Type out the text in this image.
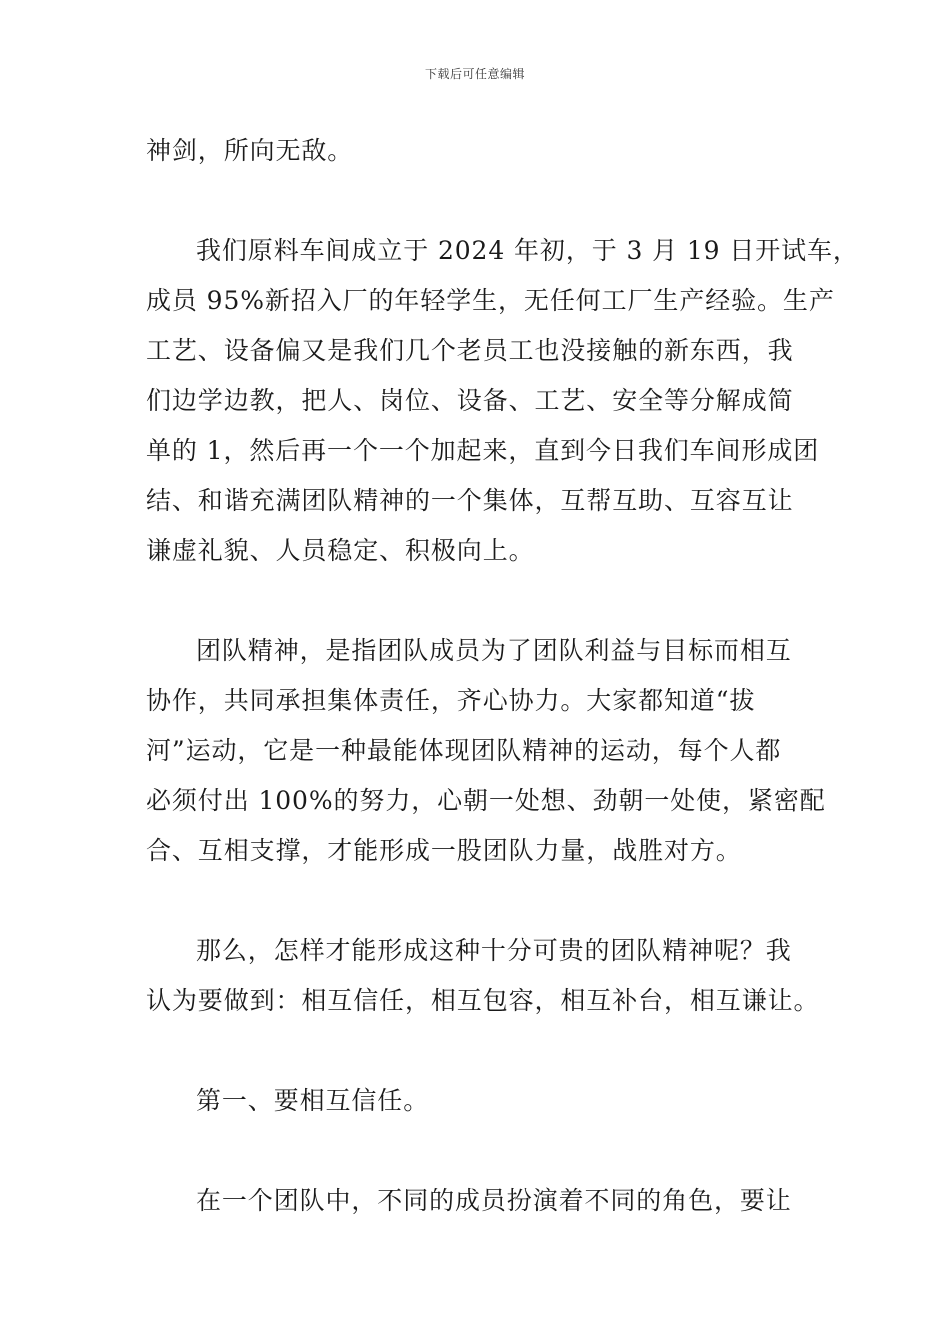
下载后可任意编辑
神剑，所向无敌。
我们原料车间成立于 2024 年初，于 3 月 19 日开试车，
成员 95%新招入厂的年轻学生，无任何工厂生产经验。生产
工艺、设备偏又是我们几个老员工也没接触的新东西，我
们边学边教，把人、岗位、设备、工艺、安全等分解成简
单的 1，然后再一个一个加起来，直到今日我们车间形成团
结、和谐充满团队精神的一个集体，互帮互助、互容互让
谦虚礼貌、人员稳定、积极向上。
团队精神，是指团队成员为了团队利益与目标而相互
协作，共同承担集体责任，齐心协力。大家都知道“拔
河”运动，它是一种最能体现团队精神的运动，每个人都
必须付出 100%的努力，心朝一处想、劲朝一处使，紧密配
合、互相支撑，才能形成一股团队力量，战胜对方。
那么，怎样才能形成这种十分可贵的团队精神呢？我
认为要做到：相互信任，相互包容，相互补台，相互谦让。
第一、要相互信任。
在一个团队中，不同的成员扮演着不同的角色，要让
